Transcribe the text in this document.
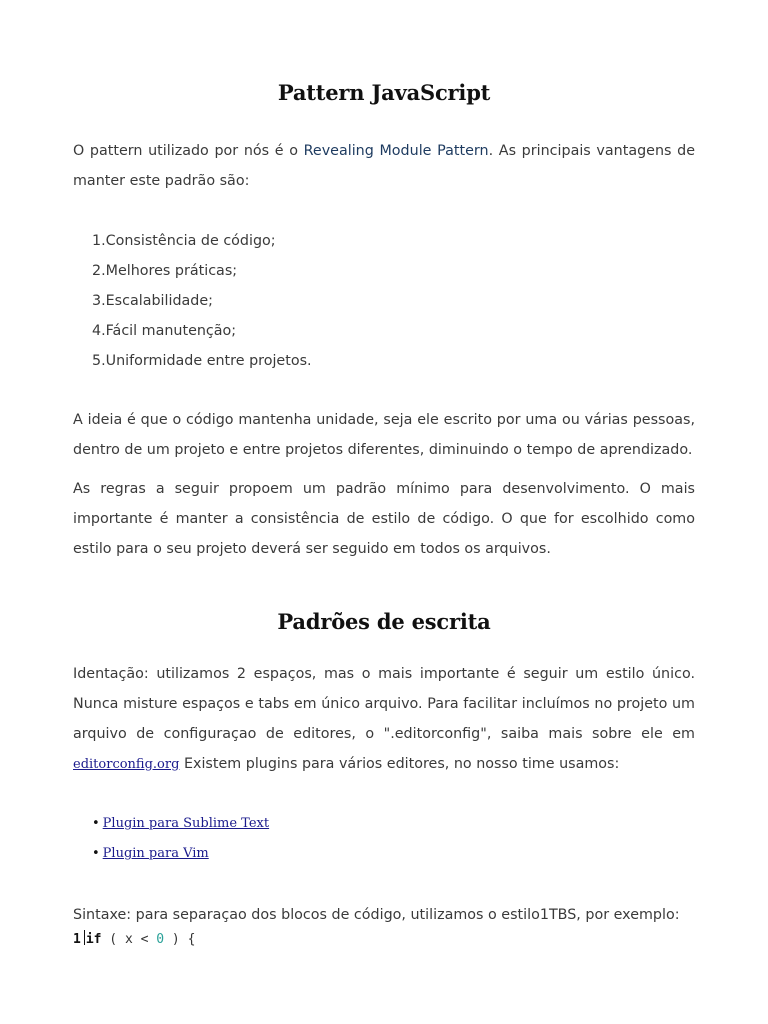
Pattern JavaScript

O pattern utilizado por nós é o Revealing Module Pattern. As principais vantagens de manter este padrão são:

1.Consistência de código;
2.Melhores práticas;
3.Escalabilidade;
4.Fácil manutenção;
5.Uniformidade entre projetos.

A ideia é que o código mantenha unidade, seja ele escrito por uma ou várias pessoas, dentro de um projeto e entre projetos diferentes, diminuindo o tempo de aprendizado.

As regras a seguir propoem um padrão mínimo para desenvolvimento. O mais importante é manter a consistência de estilo de código. O que for escolhido como estilo para o seu projeto deverá ser seguido em todos os arquivos.

Padrões de escrita

Identação: utilizamos 2 espaços, mas o mais importante é seguir um estilo único. Nunca misture espaços e tabs em único arquivo. Para facilitar incluímos no projeto um arquivo de configuraçao de editores, o ".editorconfig", saiba mais sobre ele em editorconfig.org Existem plugins para vários editores, no nosso time usamos:

• Plugin para Sublime Text
• Plugin para Vim

Sintaxe: para separaçao dos blocos de código, utilizamos o estilo1TBS, por exemplo:

1 if ( x < 0 ) {
